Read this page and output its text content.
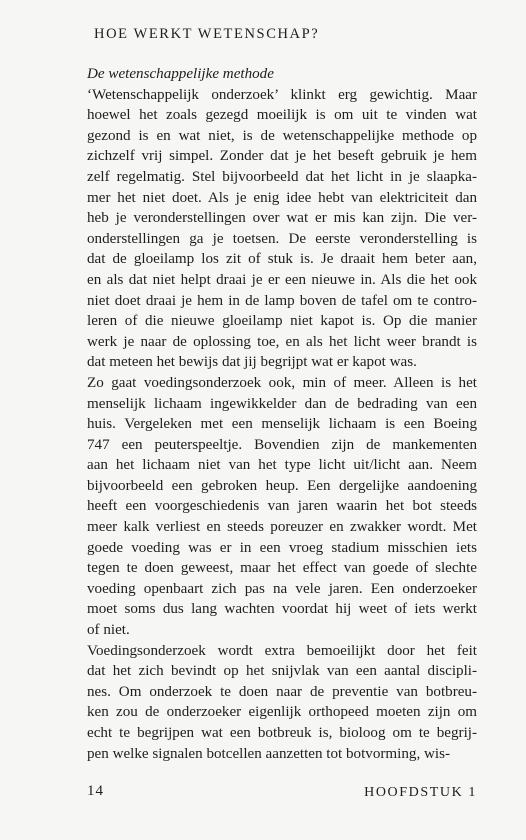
HOE WERKT WETENSCHAP?
De wetenschappelijke methode
‘Wetenschappelijk onderzoek’ klinkt erg gewichtig. Maar
hoewel het zoals gezegd moeilijk is om uit te vinden wat
gezond is en wat niet, is de wetenschappelijke methode op
zichzelf vrij simpel. Zonder dat je het beseft gebruik je hem
zelf regelmatig. Stel bijvoorbeeld dat het licht in je slaapka-
mer het niet doet. Als je enig idee hebt van elektriciteit dan
heb je veronderstellingen over wat er mis kan zijn. Die ver-
onderstellingen ga je toetsen. De eerste veronderstelling is
dat de gloeilamp los zit of stuk is. Je draait hem beter aan,
en als dat niet helpt draai je er een nieuwe in. Als die het ook
niet doet draai je hem in de lamp boven de tafel om te contro-
leren of die nieuwe gloeilamp niet kapot is. Op die manier
werk je naar de oplossing toe, en als het licht weer brandt is
dat meteen het bewijs dat jij begrijpt wat er kapot was.
Zo gaat voedingsonderzoek ook, min of meer. Alleen is het
menselijk lichaam ingewikkelder dan de bedrading van een
huis. Vergeleken met een menselijk lichaam is een Boeing
747 een peuterspeeltje. Bovendien zijn de mankementen
aan het lichaam niet van het type licht uit/licht aan. Neem
bijvoorbeeld een gebroken heup. Een dergelijke aandoening
heeft een voorgeschiedenis van jaren waarin het bot steeds
meer kalk verliest en steeds poreuzer en zwakker wordt. Met
goede voeding was er in een vroeg stadium misschien iets
tegen te doen geweest, maar het effect van goede of slechte
voeding openbaart zich pas na vele jaren. Een onderzoeker
moet soms dus lang wachten voordat hij weet of iets werkt
of niet.
Voedingsonderzoek wordt extra bemoeilijkt door het feit
dat het zich bevindt op het snijvlak van een aantal discipli-
nes. Om onderzoek te doen naar de preventie van botbreu-
ken zou de onderzoeker eigenlijk orthopeed moeten zijn om
echt te begrijpen wat een botbreuk is, bioloog om te begrij-
pen welke signalen botcellen aanzetten tot botvorming, wis-
14	HOOFDSTUK 1
